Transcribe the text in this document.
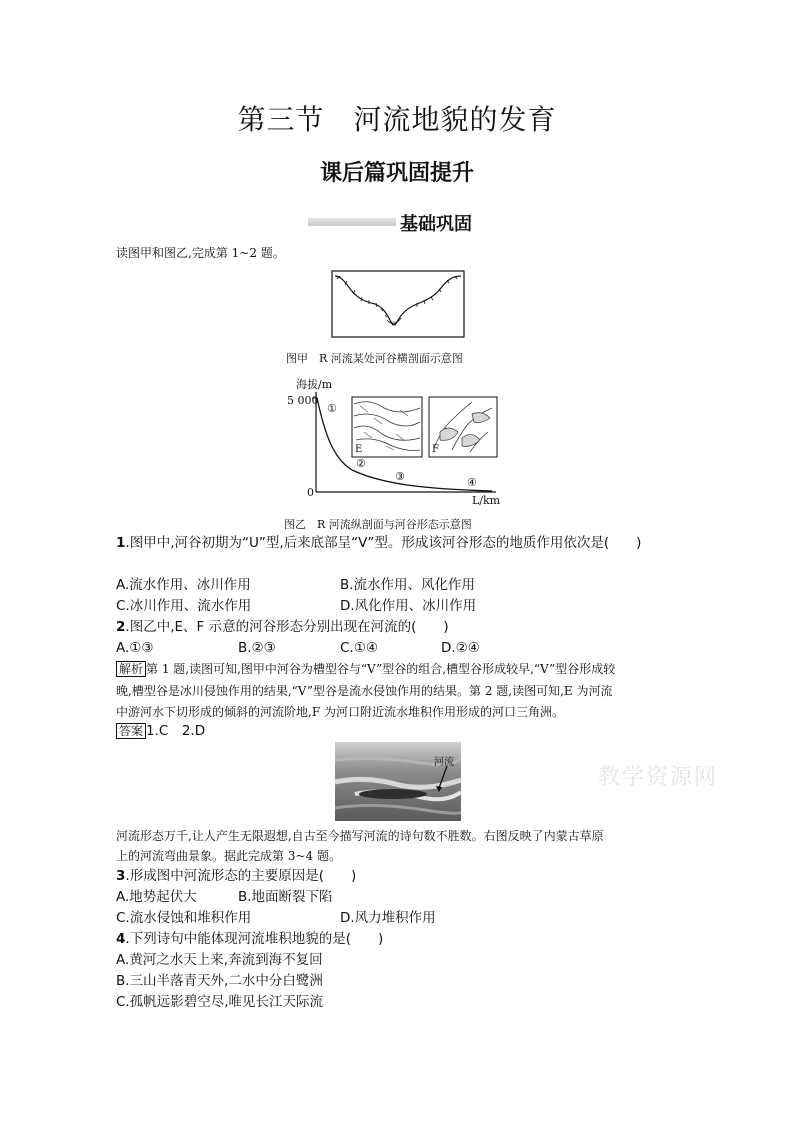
第三节　河流地貌的发育
课后篇巩固提升
基础巩固
读图甲和图乙,完成第 1~2 题。
图甲　R 河流某处河谷横剖面示意图
海拔/m
5 000
0
L/km
①
②
③	④
E	F
图乙　R 河流纵剖面与河谷形态示意图
1.图甲中,河谷初期为“U”型,后来底部呈“V”型。形成该河谷形态的地质作用依次是(　　)
A.流水作用、冰川作用	B.流水作用、风化作用
C.冰川作用、流水作用	D.风化作用、冰川作用
2.图乙中,E、F 示意的河谷形态分别出现在河流的(　　)
A.①③	B.②③	C.①④	D.②④
解析 第 1 题,读图可知,图甲中河谷为槽型谷与“V”型谷的组合,槽型谷形成较早,“V”型谷形成较
晚,槽型谷是冰川侵蚀作用的结果,“V”型谷是流水侵蚀作用的结果。第 2 题,读图可知,E 为河流
中游河水下切形成的倾斜的河流阶地,F 为河口附近流水堆积作用形成的河口三角洲。
答案 1.C　2.D
河流
教学资源网
河流形态万千,让人产生无限遐想,自古至今描写河流的诗句数不胜数。右图反映了内蒙古草原
上的河流弯曲景象。据此完成第 3~4 题。
3.形成图中河流形态的主要原因是(　　)
A.地势起伏大	B.地面断裂下陷
C.流水侵蚀和堆积作用	D.风力堆积作用
4.下列诗句中能体现河流堆积地貌的是(　　)
A.黄河之水天上来,奔流到海不复回
B.三山半落青天外,二水中分白鹭洲
C.孤帆远影碧空尽,唯见长江天际流
